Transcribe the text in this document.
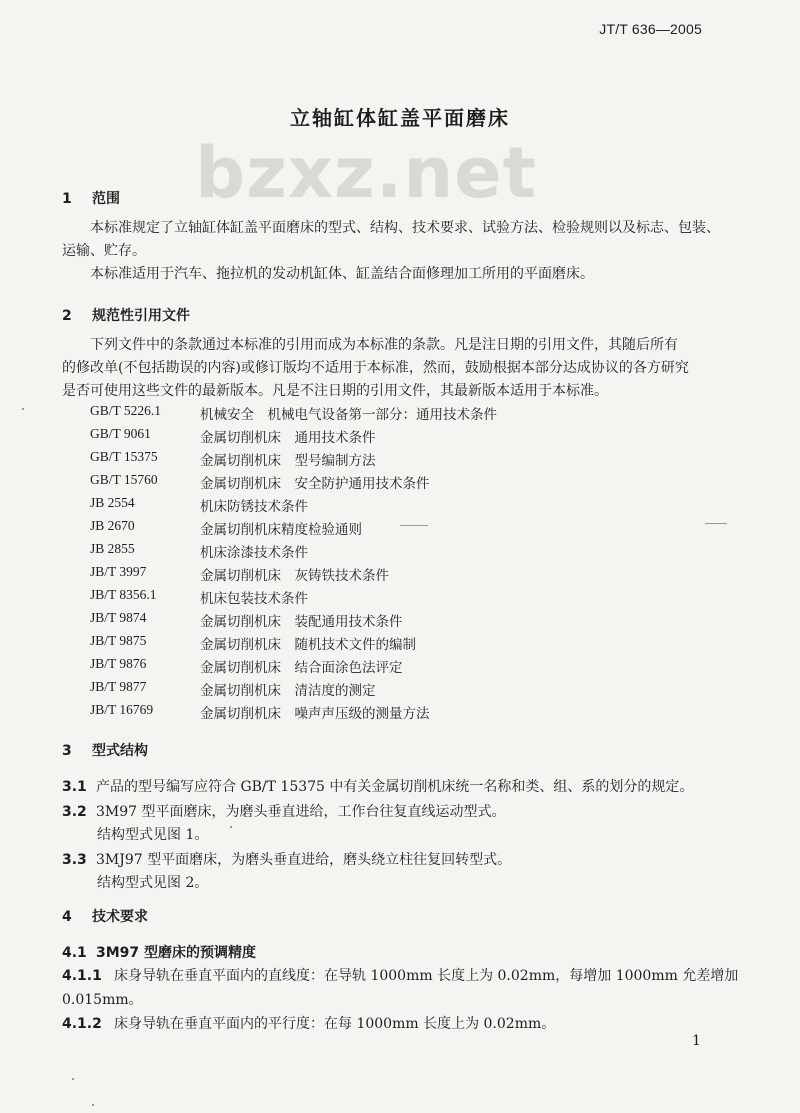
JT/T 636—2005
立轴缸体缸盖平面磨床
bzxz.net
1 范围
本标准规定了立轴缸体缸盖平面磨床的型式、结构、技术要求、试验方法、检验规则以及标志、包装、
运输、贮存。
本标准适用于汽车、拖拉机的发动机缸体、缸盖结合面修理加工所用的平面磨床。
2 规范性引用文件
下列文件中的条款通过本标准的引用而成为本标准的条款。凡是注日期的引用文件，其随后所有
的修改单(不包括勘误的内容)或修订版均不适用于本标准，然而，鼓励根据本部分达成协议的各方研究
是否可使用这些文件的最新版本。凡是不注日期的引用文件，其最新版本适用于本标准。
GB/T 5226.1	机械安全　机械电气设备第一部分：通用技术条件
GB/T 9061	金属切削机床　通用技术条件
GB/T 15375	金属切削机床　型号编制方法
GB/T 15760	金属切削机床　安全防护通用技术条件
JB 2554	机床防锈技术条件
JB 2670	金属切削机床精度检验通则
JB 2855	机床涂漆技术条件
JB/T 3997	金属切削机床　灰铸铁技术条件
JB/T 8356.1	机床包装技术条件
JB/T 9874	金属切削机床　装配通用技术条件
JB/T 9875	金属切削机床　随机技术文件的编制
JB/T 9876	金属切削机床　结合面涂色法评定
JB/T 9877	金属切削机床　清洁度的测定
JB/T 16769	金属切削机床　噪声声压级的测量方法
3 型式结构
3.1 产品的型号编写应符合 GB/T 15375 中有关金属切削机床统一名称和类、组、系的划分的规定。
3.2 3M97 型平面磨床，为磨头垂直进给，工作台往复直线运动型式。
结构型式见图 1。
3.3 3MJ97 型平面磨床，为磨头垂直进给，磨头绕立柱往复回转型式。
结构型式见图 2。
4 技术要求
4.1 3M97 型磨床的预调精度
4.1.1 床身导轨在垂直平面内的直线度：在导轨 1000mm 长度上为 0.02mm，每增加 1000mm 允差增加
0.015mm。
4.1.2 床身导轨在垂直平面内的平行度：在每 1000mm 长度上为 0.02mm。
1
